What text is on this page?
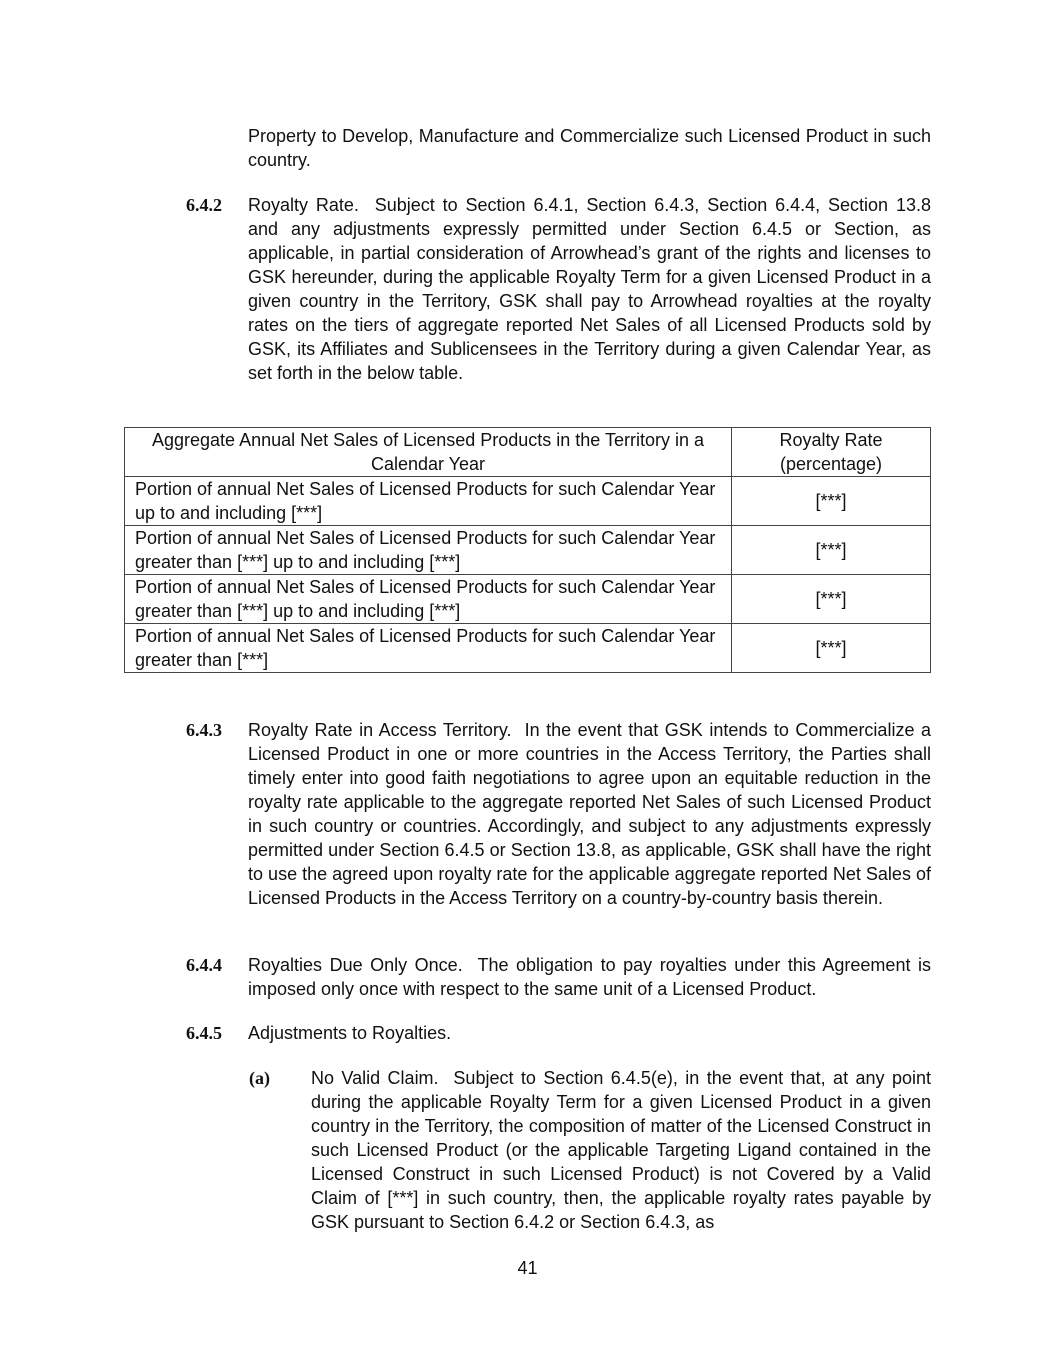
Property to Develop, Manufacture and Commercialize such Licensed Product in such country.

6.4.2 Royalty Rate. Subject to Section 6.4.1, Section 6.4.3, Section 6.4.4, Section 13.8 and any adjustments expressly permitted under Section 6.4.5 or Section, as applicable, in partial consideration of Arrowhead’s grant of the rights and licenses to GSK hereunder, during the applicable Royalty Term for a given Licensed Product in a given country in the Territory, GSK shall pay to Arrowhead royalties at the royalty rates on the tiers of aggregate reported Net Sales of all Licensed Products sold by GSK, its Affiliates and Sublicensees in the Territory during a given Calendar Year, as set forth in the below table.

Aggregate Annual Net Sales of Licensed Products in the Territory in a Calendar Year	Royalty Rate (percentage)
Portion of annual Net Sales of Licensed Products for such Calendar Year up to and including [***]	[***]
Portion of annual Net Sales of Licensed Products for such Calendar Year greater than [***] up to and including [***]	[***]
Portion of annual Net Sales of Licensed Products for such Calendar Year greater than [***] up to and including [***]	[***]
Portion of annual Net Sales of Licensed Products for such Calendar Year greater than [***]	[***]
6.4.3 Royalty Rate in Access Territory. In the event that GSK intends to Commercialize a Licensed Product in one or more countries in the Access Territory, the Parties shall timely enter into good faith negotiations to agree upon an equitable reduction in the royalty rate applicable to the aggregate reported Net Sales of such Licensed Product in such country or countries. Accordingly, and subject to any adjustments expressly permitted under Section 6.4.5 or Section 13.8, as applicable, GSK shall have the right to use the agreed upon royalty rate for the applicable aggregate reported Net Sales of Licensed Products in the Access Territory on a country-by-country basis therein.

6.4.4 Royalties Due Only Once. The obligation to pay royalties under this Agreement is imposed only once with respect to the same unit of a Licensed Product.

6.4.5 Adjustments to Royalties.

(a) No Valid Claim. Subject to Section 6.4.5(e), in the event that, at any point during the applicable Royalty Term for a given Licensed Product in a given country in the Territory, the composition of matter of the Licensed Construct in such Licensed Product (or the applicable Targeting Ligand contained in the Licensed Construct in such Licensed Product) is not Covered by a Valid Claim of [***] in such country, then, the applicable royalty rates payable by GSK pursuant to Section 6.4.2 or Section 6.4.3, as

41
